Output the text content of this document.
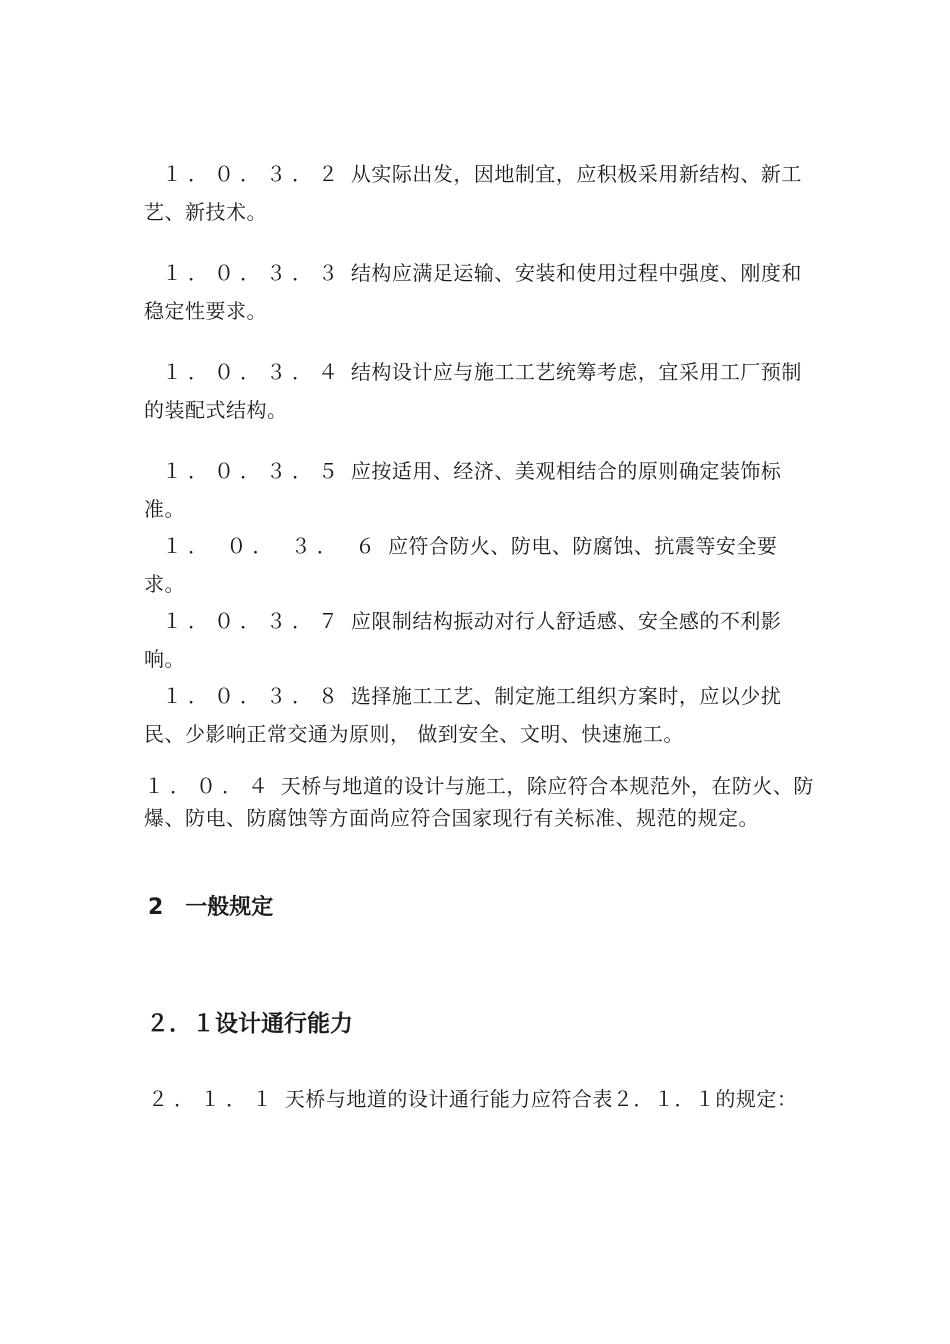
１．０．３．２ 从实际出发，因地制宜，应积极采用新结构、新工艺、新技术。

１．０．３．３ 结构应满足运输、安装和使用过程中强度、刚度和稳定性要求。

１．０．３．４ 结构设计应与施工工艺统筹考虑，宜采用工厂预制的装配式结构。

１．０．３．５ 应按适用、经济、美观相结合的原则确定装饰标准。

１． ０． ３． ６ 应符合防火、防电、防腐蚀、抗震等安全要求。

１．０．３．７ 应限制结构振动对行人舒适感、安全感的不利影响。

１．０．３．８ 选择施工工艺、制定施工组织方案时，应以少扰民、少影响正常交通为原则， 做到安全、文明、快速施工。

１．０．４ 天桥与地道的设计与施工，除应符合本规范外，在防火、防爆、防电、防腐蚀等方面尚应符合国家现行有关标准、规范的规定。

2　一般规定
２．１设计通行能力

２．１．１ 天桥与地道的设计通行能力应符合表２．１．１的规定：
